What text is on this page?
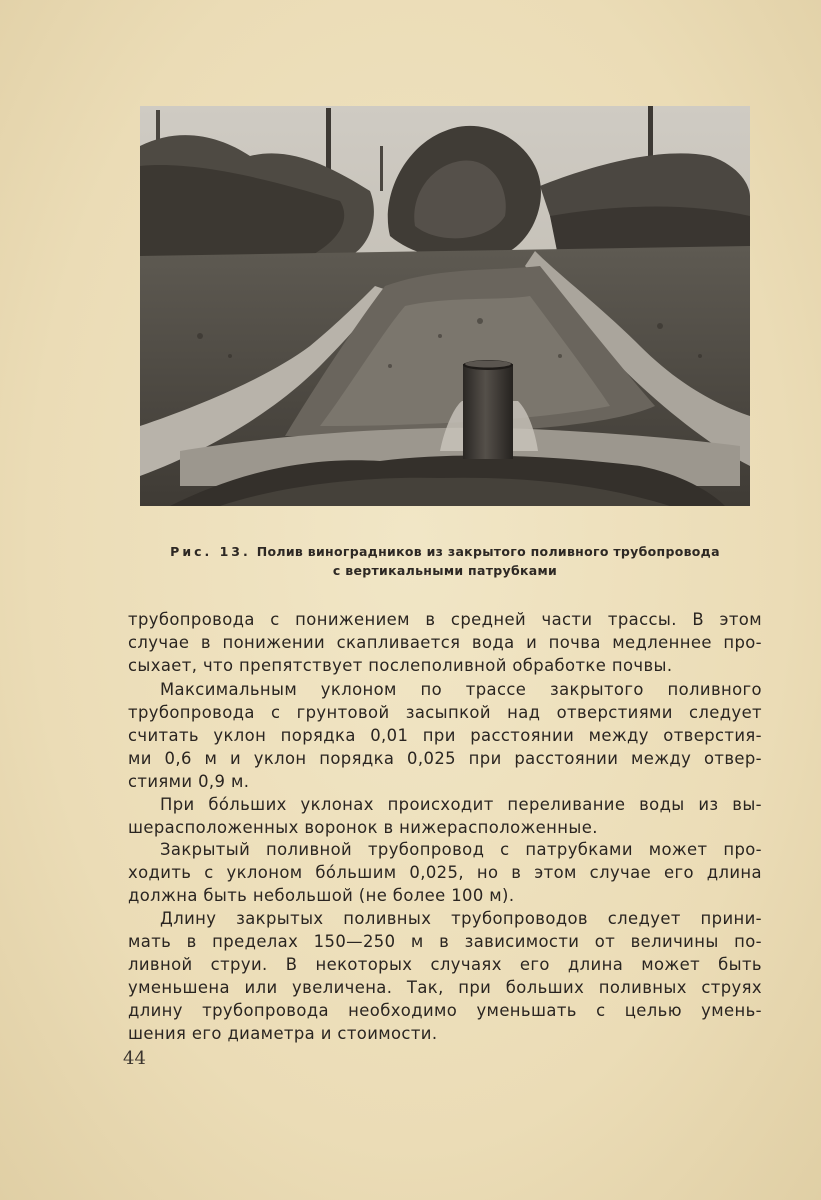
Рис. 13. Полив виноградников из закрытого поливного трубопровода
с вертикальными патрубками
трубопровода с понижением в средней части трассы. В этом
случае в понижении скапливается вода и почва медленнее про-
сыхает, что препятствует послеполивной обработке почвы.
Максимальным уклоном по трассе закрытого поливного
трубопровода с грунтовой засыпкой над отверстиями следует
считать уклон порядка 0,01 при расстоянии между отверстия-
ми 0,6 м и уклон порядка 0,025 при расстоянии между отвер-
стиями 0,9 м.
При бо́льших уклонах происходит переливание воды из вы-
шерасположенных воронок в нижерасположенные.
Закрытый поливной трубопровод с патрубками может про-
ходить с уклоном бо́льшим 0,025, но в этом случае его длина
должна быть небольшой (не более 100 м).
Длину закрытых поливных трубопроводов следует прини-
мать в пределах 150—250 м в зависимости от величины по-
ливной струи. В некоторых случаях его длина может быть
уменьшена или увеличена. Так, при больших поливных струях
длину трубопровода необходимо уменьшать с целью умень-
шения его диаметра и стоимости.
44
